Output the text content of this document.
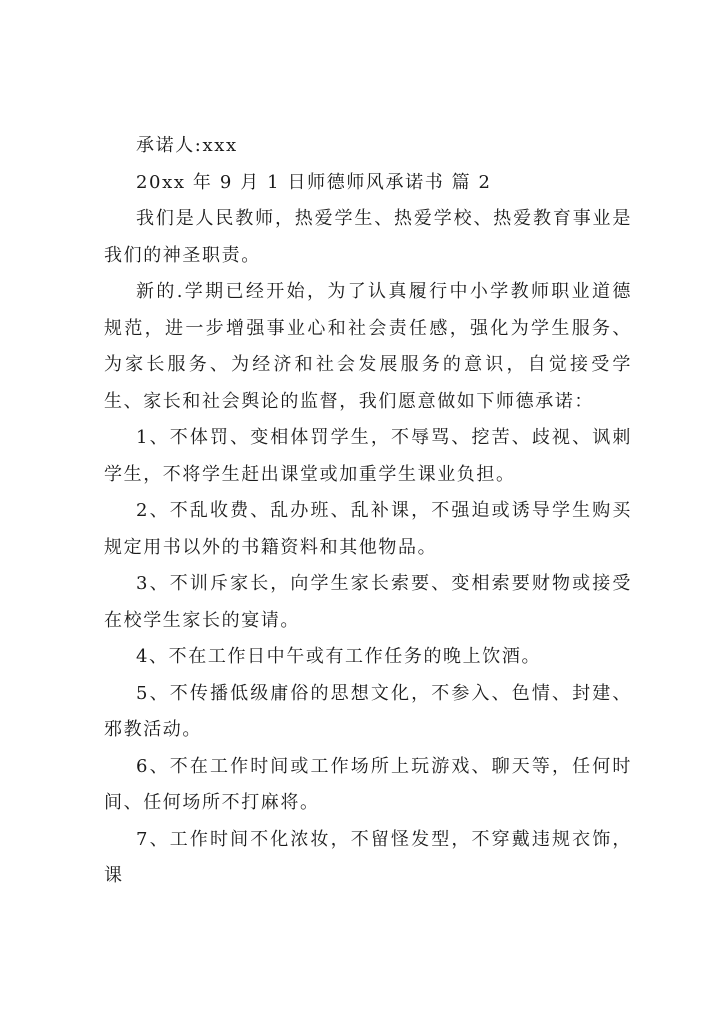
承诺人:xxx

20xx 年 9 月 1 日师德师风承诺书 篇 2

我们是人民教师，热爱学生、热爱学校、热爱教育事业是我们的神圣职责。

新的.学期已经开始，为了认真履行中小学教师职业道德规范，进一步增强事业心和社会责任感，强化为学生服务、为家长服务、为经济和社会发展服务的意识，自觉接受学生、家长和社会舆论的监督，我们愿意做如下师德承诺：

1、不体罚、变相体罚学生，不辱骂、挖苦、歧视、讽刺学生，不将学生赶出课堂或加重学生课业负担。

2、不乱收费、乱办班、乱补课，不强迫或诱导学生购买规定用书以外的书籍资料和其他物品。

3、不训斥家长，向学生家长索要、变相索要财物或接受在校学生家长的宴请。

4、不在工作日中午或有工作任务的晚上饮酒。

5、不传播低级庸俗的思想文化，不参入、色情、封建、邪教活动。

6、不在工作时间或工作场所上玩游戏、聊天等，任何时间、任何场所不打麻将。

7、工作时间不化浓妆，不留怪发型，不穿戴违规衣饰，课
